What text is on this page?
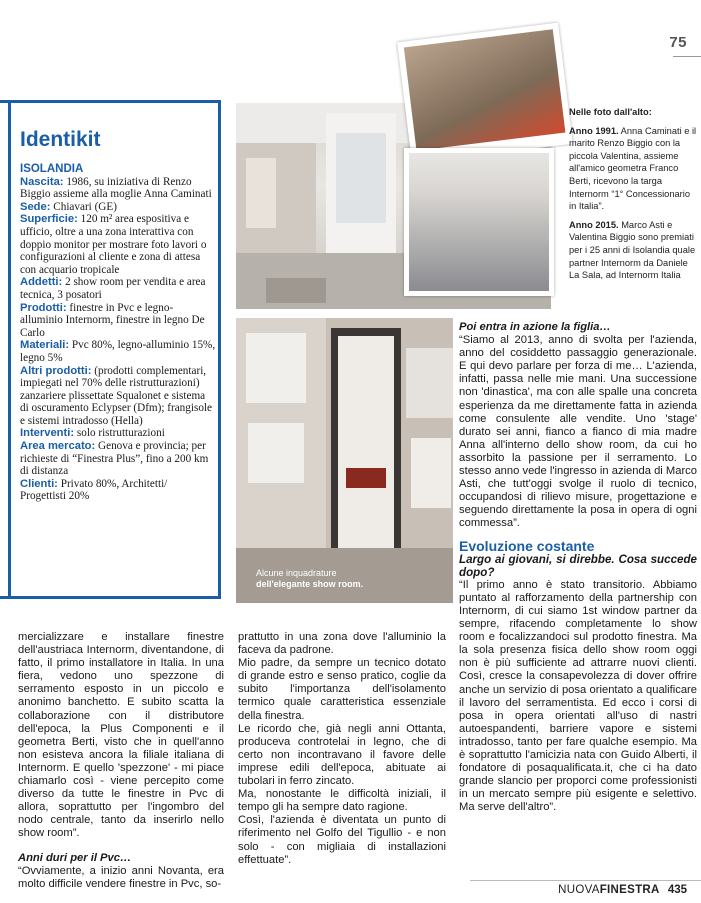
75
Identikit
ISOLANDIA

Nascita: 1986, su iniziativa di Renzo Biggio assieme alla moglie Anna Caminati

Sede: Chiavari (GE)

Superficie: 120 m² area espositiva e ufficio, oltre a una zona interattiva con doppio monitor per mostrare foto lavori o configurazioni al cliente e zona di attesa con acquario tropicale

Addetti: 2 show room per vendita e area tecnica, 3 posatori

Prodotti: finestre in Pvc e legno-alluminio Internorm, finestre in legno De Carlo

Materiali: Pvc 80%, legno-alluminio 15%, legno 5%

Altri prodotti: (prodotti complementari, impiegati nel 70% delle ristrutturazioni) zanzariere plissettate Squalonet e sistema di oscuramento Eclypser (Dfm); frangisole e sistemi intradosso (Hella)

Interventi: solo ristrutturazioni

Area mercato: Genova e provincia; per richieste di “Finestra Plus”, fino a 200 km di distanza

Clienti: Privato 80%, Architetti/ Progettisti 20%

Alcune inquadrature
dell'elegante show room.

Nelle foto dall'alto:

Anno 1991. Anna Caminati e il marito Renzo Biggio con la piccola Valentina, assieme all'amico geometra Franco Berti, ricevono la targa Internorm “1° Concessionario in Italia”.

Anno 2015. Marco Asti e Valentina Biggio sono premiati per i 25 anni di Isolandia quale partner Internorm da Daniele La Sala, ad Internorm Italia

mercializzare e installare finestre dell'austriaca Internorm, diventandone, di fatto, il primo installatore in Italia. In una fiera, vedono uno spezzone di serramento esposto in un piccolo e anonimo banchetto. E subito scatta la collaborazione con il distributore dell'epoca, la Plus Componenti e il geometra Berti, visto che in quell'anno non esisteva ancora la filiale italiana di Internorm. E quello 'spezzone' - mi piace chiamarlo così - viene percepito come diverso da tutte le finestre in Pvc di allora, soprattutto per l'ingombro del nodo centrale, tanto da inserirlo nello show room”.

Anni duri per il Pvc…

“Ovviamente, a inizio anni Novanta, era molto difficile vendere finestre in Pvc, so-

prattutto in una zona dove l'alluminio la faceva da padrone.

Mio padre, da sempre un tecnico dotato di grande estro e senso pratico, coglie da subito l'importanza dell'isolamento termico quale caratteristica essenziale della finestra.

Le ricordo che, già negli anni Ottanta, produceva controtelai in legno, che di certo non incontravano il favore delle imprese edili dell'epoca, abituate ai tubolari in ferro zincato.

Ma, nonostante le difficoltà iniziali, il tempo gli ha sempre dato ragione.

Così, l'azienda è diventata un punto di riferimento nel Golfo del Tigullio - e non solo - con migliaia di installazioni effettuate”.

Poi entra in azione la figlia…

“Siamo al 2013, anno di svolta per l'azienda, anno del cosiddetto passaggio generazionale. E qui devo parlare per forza di me… L'azienda, infatti, passa nelle mie mani. Una successione non 'dinastica', ma con alle spalle una concreta esperienza da me direttamente fatta in azienda come consulente alle vendite. Uno 'stage' durato sei anni, fianco a fianco di mia madre Anna all'interno dello show room, da cui ho assorbito la passione per il serramento. Lo stesso anno vede l'ingresso in azienda di Marco Asti, che tutt'oggi svolge il ruolo di tecnico, occupandosi di rilievo misure, progettazione e seguendo direttamente la posa in opera di ogni commessa”.

Evoluzione costante

Largo ai giovani, si direbbe. Cosa succede dopo?

“Il primo anno è stato transitorio. Abbiamo puntato al rafforzamento della partnership con Internorm, di cui siamo 1st window partner da sempre, rifacendo completamente lo show room e focalizzandoci sul prodotto finestra. Ma la sola presenza fisica dello show room oggi non è più sufficiente ad attrarre nuovi clienti. Così, cresce la consapevolezza di dover offrire anche un servizio di posa orientato a qualificare il lavoro del serramentista. Ed ecco i corsi di posa in opera orientati all'uso di nastri autoespandenti, barriere vapore e sistemi intradosso, tanto per fare qualche esempio. Ma è soprattutto l'amicizia nata con Guido Alberti, il fondatore di posaqualificata.it, che ci ha dato grande slancio per proporci come professionisti in un mercato sempre più esigente e selettivo. Ma serve dell'altro”.

NUOVAFINESTRA 435
